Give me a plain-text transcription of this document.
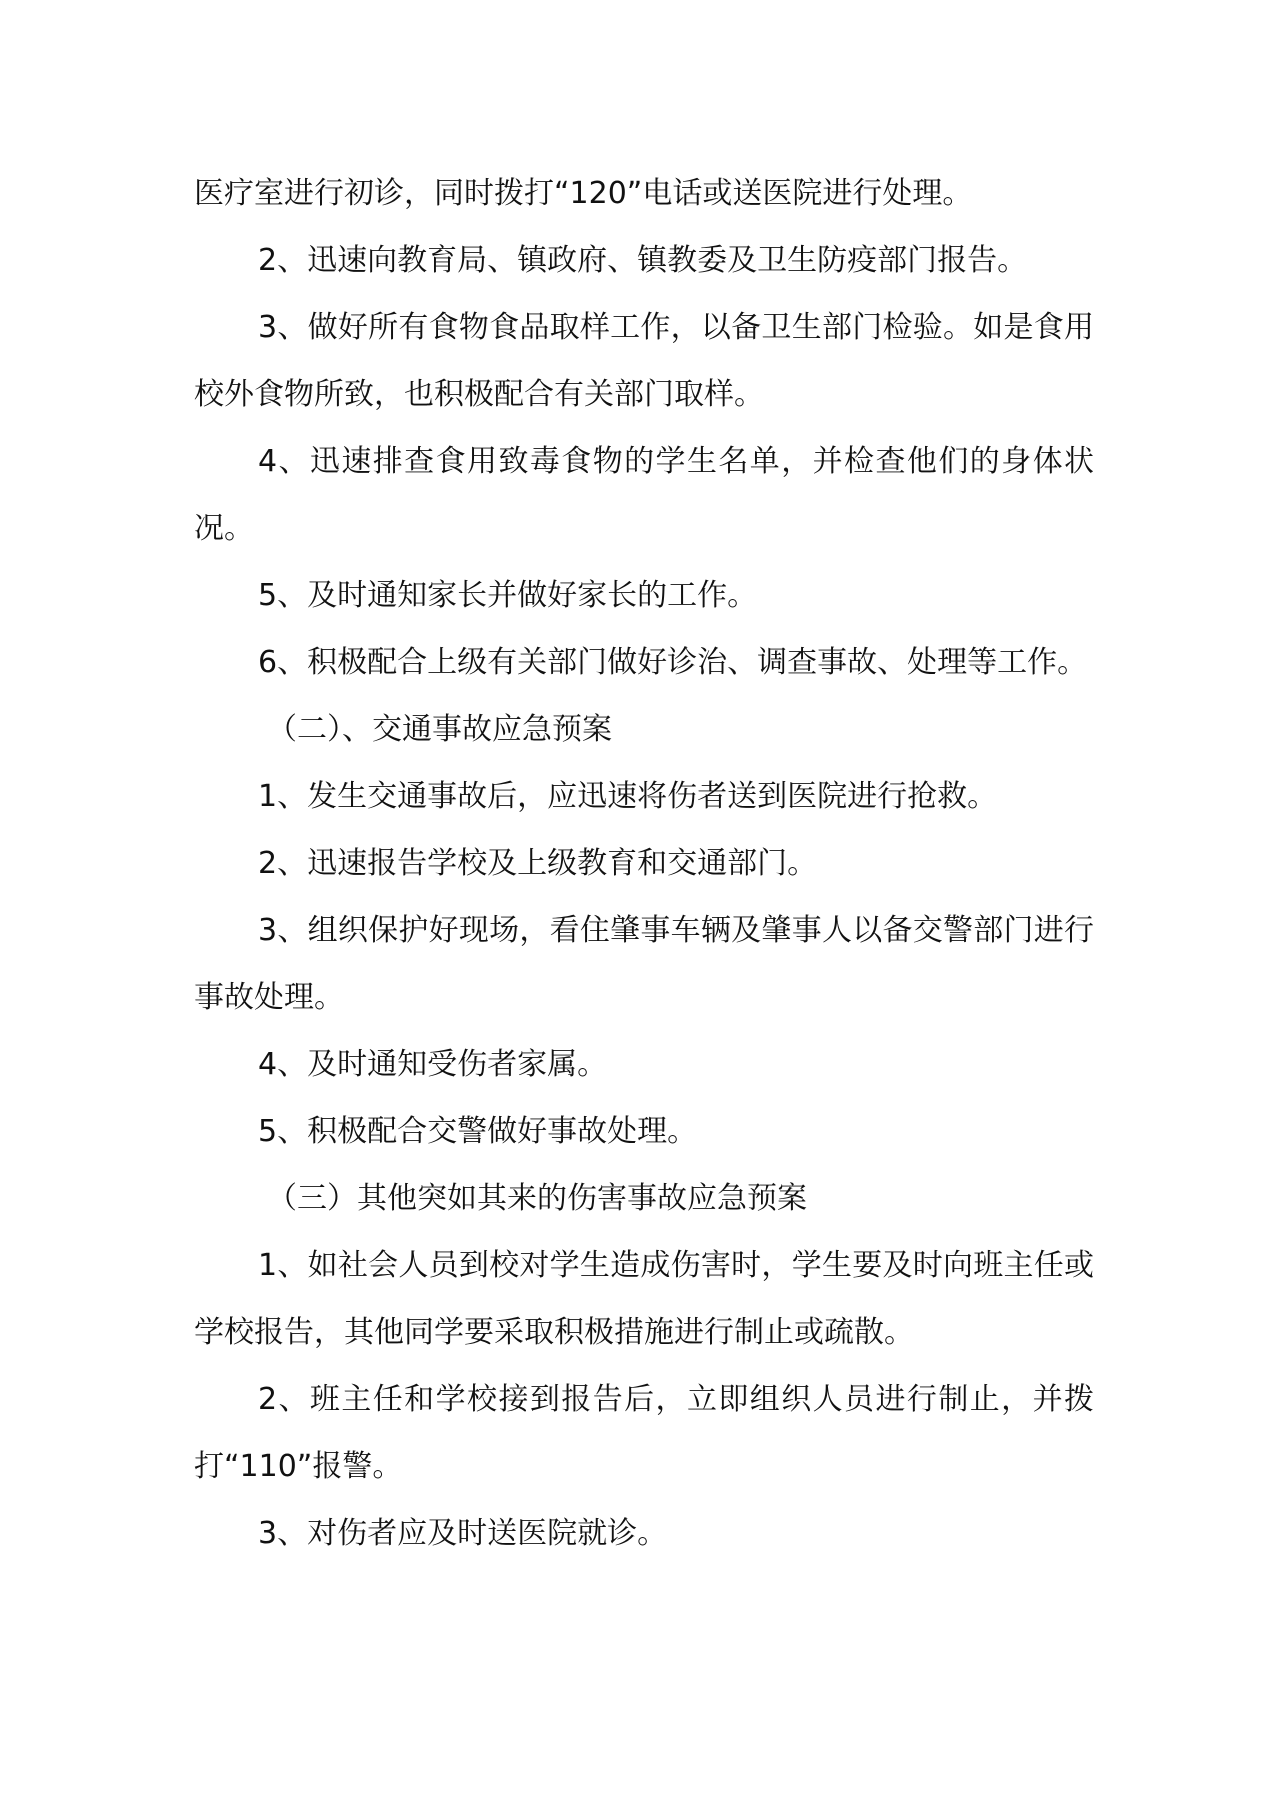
医疗室进行初诊，同时拨打“120”电话或送医院进行处理。

2、迅速向教育局、镇政府、镇教委及卫生防疫部门报告。

3、做好所有食物食品取样工作，以备卫生部门检验。如是食用校外食物所致，也积极配合有关部门取样。

4、迅速排查食用致毒食物的学生名单，并检查他们的身体状况。

5、及时通知家长并做好家长的工作。

6、积极配合上级有关部门做好诊治、调查事故、处理等工作。

（二）、交通事故应急预案

1、发生交通事故后，应迅速将伤者送到医院进行抢救。

2、迅速报告学校及上级教育和交通部门。

3、组织保护好现场，看住肇事车辆及肇事人以备交警部门进行事故处理。

4、及时通知受伤者家属。

5、积极配合交警做好事故处理。

（三）其他突如其来的伤害事故应急预案

1、如社会人员到校对学生造成伤害时，学生要及时向班主任或学校报告，其他同学要采取积极措施进行制止或疏散。

2、班主任和学校接到报告后，立即组织人员进行制止，并拨打“110”报警。

3、对伤者应及时送医院就诊。
